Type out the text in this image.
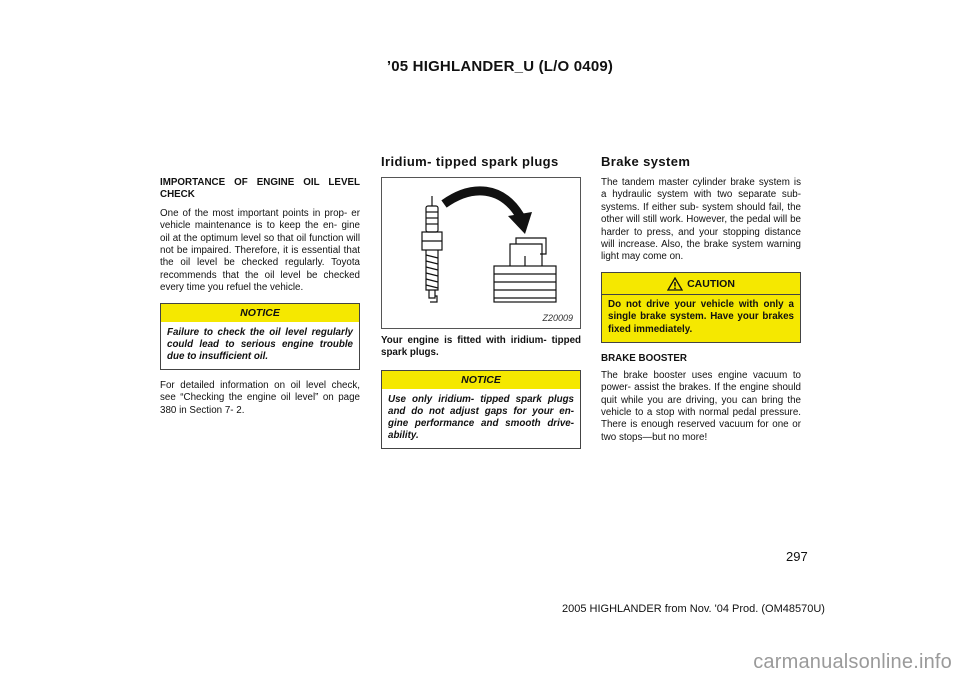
’05 HIGHLANDER_U (L/O 0409)
Iridium- tipped spark plugs	Brake system

IMPORTANCE OF ENGINE OIL LEVEL CHECK

One of the most important points in prop- er vehicle maintenance is to keep the en- gine oil at the optimum level so that oil function will not be impaired. Therefore, it is essential that the oil level be checked regularly. Toyota recommends that the oil level be checked every time you refuel the vehicle.

NOTICE
Failure to check the oil level regularly could lead to serious engine trouble due to insufficient oil.

For detailed information on oil level check, see “Checking the engine oil level” on page 380 in Section 7- 2.

Z20009

Your engine is fitted with iridium- tipped spark plugs.

NOTICE
Use only iridium- tipped spark plugs and do not adjust gaps for your en- gine performance and smooth drive- ability.

The tandem master cylinder brake system is a hydraulic system with two separate sub- systems. If either sub- system should fail, the other will still work. However, the pedal will be harder to press, and your stopping distance will increase. Also, the brake system warning light may come on.

CAUTION
Do not drive your vehicle with only a single brake system. Have your brakes fixed immediately.

BRAKE BOOSTER

The brake booster uses engine vacuum to power- assist the brakes. If the engine should quit while you are driving, you can bring the vehicle to a stop with normal pedal pressure. There is enough reserved vacuum for one or two stops—but no more!

297
2005 HIGHLANDER from Nov. '04 Prod. (OM48570U)
carmanualsonline.info
